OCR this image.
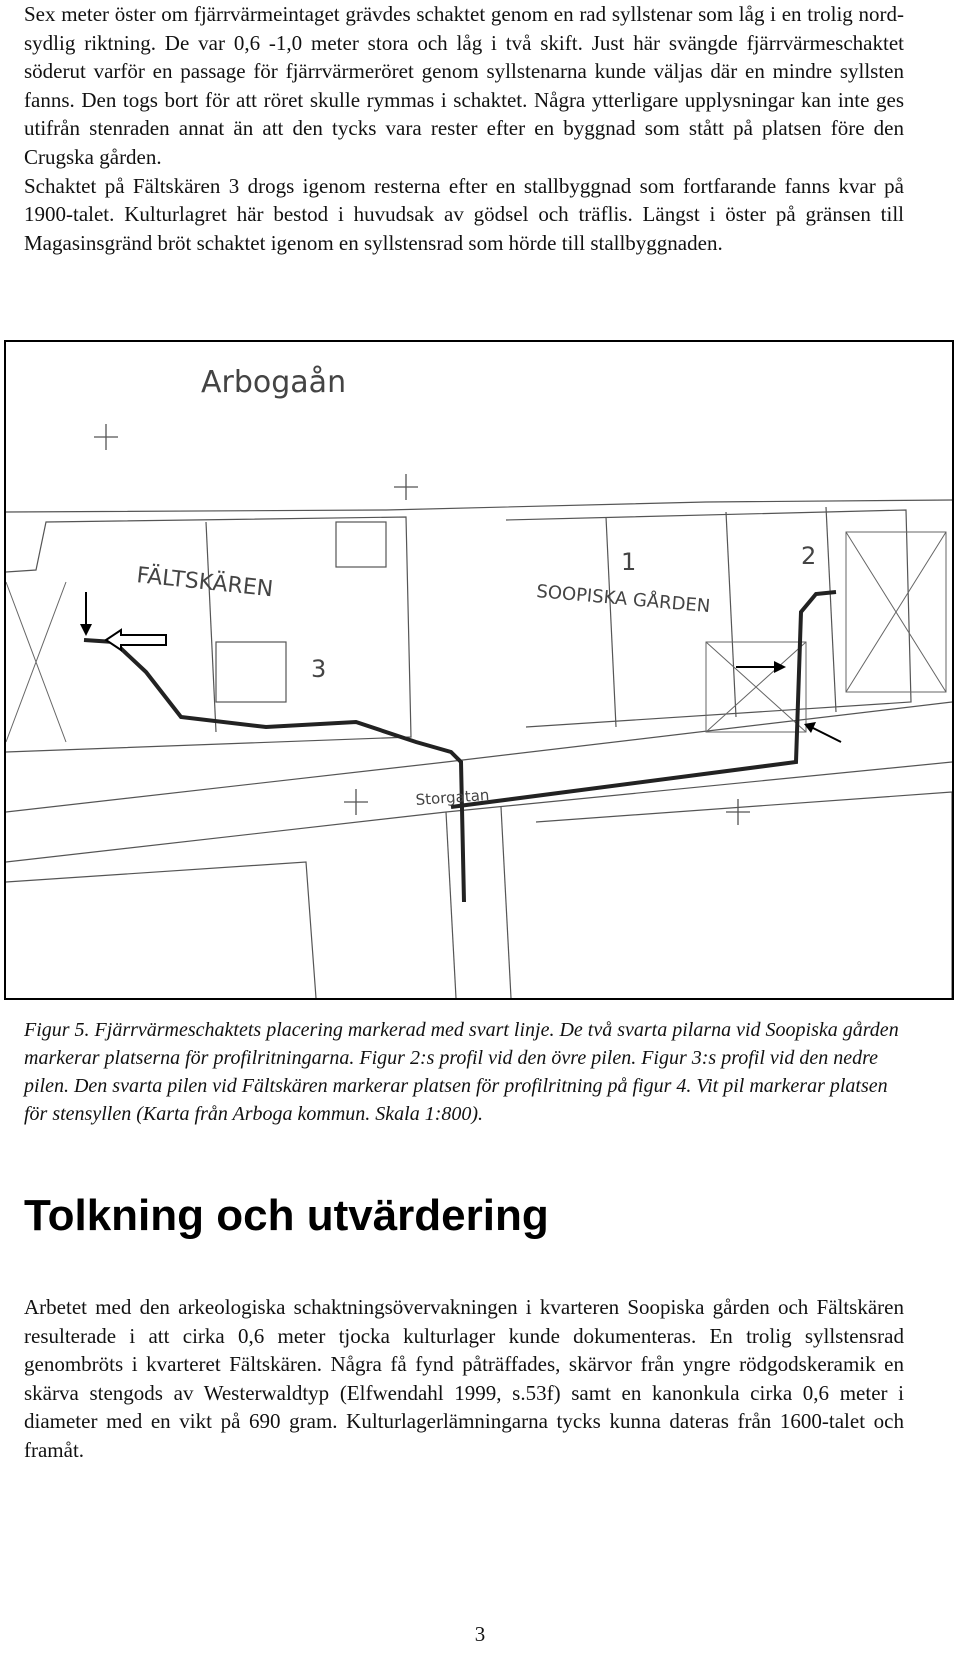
Sex meter öster om fjärrvärmeintaget grävdes schaktet genom en rad syllstenar som låg i en trolig nord-sydlig riktning. De var 0,6 -1,0 meter stora och låg i två skift. Just här svängde fjärrvärmeschaktet söderut varför en passage för fjärrvärmeröret genom syllstenarna kunde väljas där en mindre syllsten fanns. Den togs bort för att röret skulle rymmas i schaktet. Några ytterligare upplysningar kan inte ges utifrån stenraden annat än att den tycks vara rester efter en byggnad som stått på platsen före den Crugska gården.

Schaktet på Fältskären 3 drogs igenom resterna efter en stallbyggnad som fortfarande fanns kvar på 1900-talet. Kulturlagret här bestod i huvudsak av gödsel och träflis. Längst i öster på gränsen till Magasinsgränd bröt schaktet igenom en syllstensrad som hörde till stallbyggnaden.

Arbogaån
FÄLTSKÄREN	SOOPISKA GÅRDEN
Storgatan
1	2
3

Figur 5. Fjärrvärmeschaktets placering markerad med svart linje. De två svarta pilarna vid Soopiska gården markerar platserna för profilritningarna. Figur 2:s profil vid den övre pilen. Figur 3:s profil vid den nedre pilen. Den svarta pilen vid Fältskären markerar platsen för profilritning på figur 4. Vit pil markerar platsen för stensyllen (Karta från Arboga kommun. Skala 1:800).

Tolkning och utvärdering

Arbetet med den arkeologiska schaktningsövervakningen i kvarteren Soopiska gården och Fältskären resulterade i att cirka 0,6 meter tjocka kulturlager kunde dokumenteras. En trolig syllstensrad genombröts i kvarteret Fältskären. Några få fynd påträffades, skärvor från yngre rödgodskeramik en skärva stengods av Westerwaldtyp (Elfwendahl 1999, s.53f) samt en kanonkula cirka 0,6 meter i diameter med en vikt på 690 gram. Kulturlagerlämningarna tycks kunna dateras från 1600-talet och framåt.

3
